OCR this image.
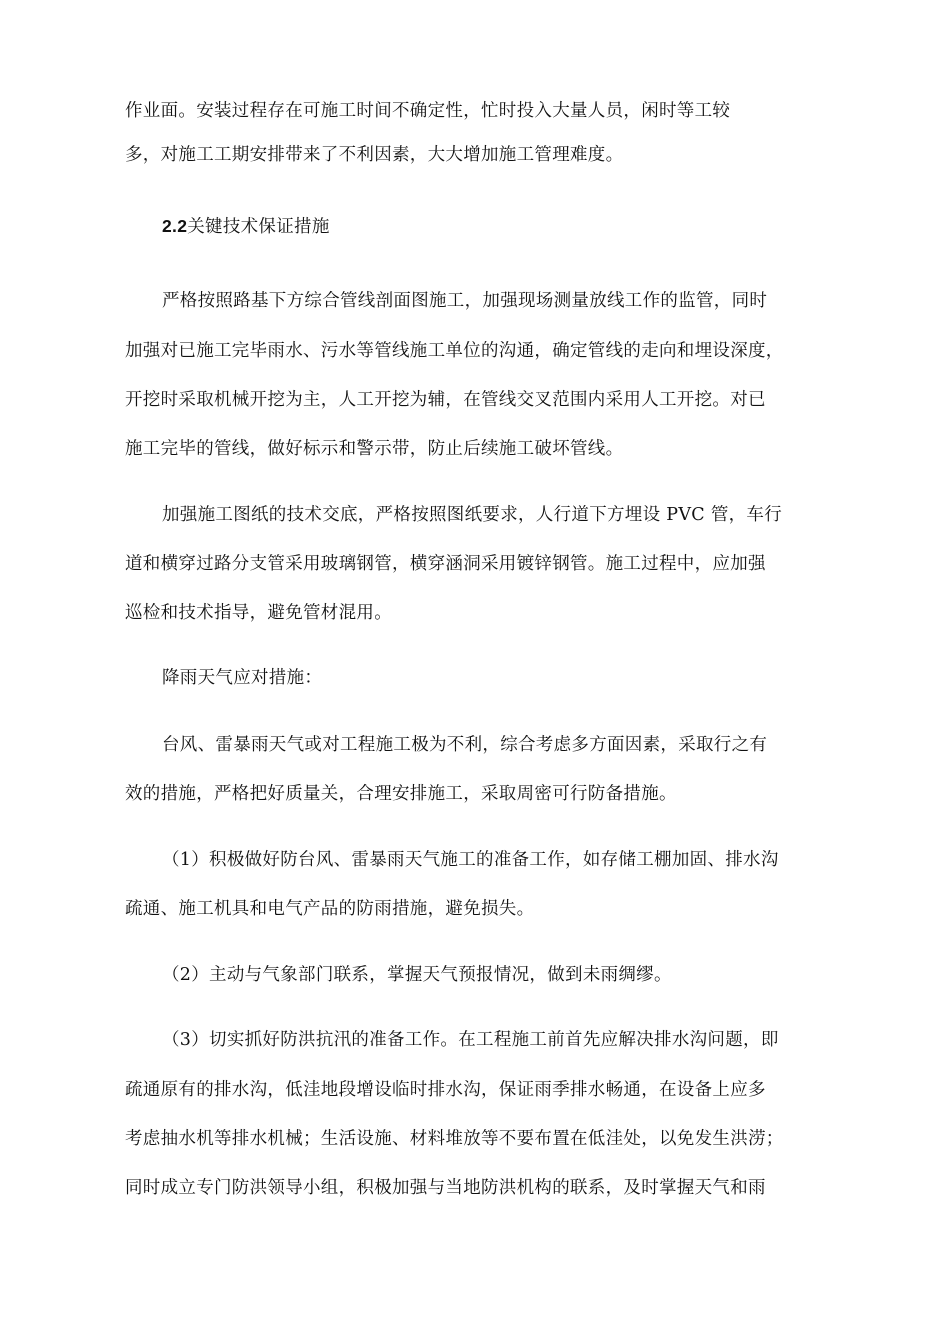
作业面。安装过程存在可施工时间不确定性，忙时投入大量人员，闲时等工较
多，对施工工期安排带来了不利因素，大大增加施工管理难度。
2.2关键技术保证措施
严格按照路基下方综合管线剖面图施工，加强现场测量放线工作的监管，同时
加强对已施工完毕雨水、污水等管线施工单位的沟通，确定管线的走向和埋设深度，
开挖时采取机械开挖为主，人工开挖为辅，在管线交叉范围内采用人工开挖。对已
施工完毕的管线，做好标示和警示带，防止后续施工破坏管线。
加强施工图纸的技术交底，严格按照图纸要求，人行道下方埋设 PVC 管，车行
道和横穿过路分支管采用玻璃钢管，横穿涵洞采用镀锌钢管。施工过程中，应加强
巡检和技术指导，避免管材混用。
降雨天气应对措施：
台风、雷暴雨天气或对工程施工极为不利，综合考虑多方面因素，采取行之有
效的措施，严格把好质量关，合理安排施工，采取周密可行防备措施。
（1）积极做好防台风、雷暴雨天气施工的准备工作，如存储工棚加固、排水沟
疏通、施工机具和电气产品的防雨措施，避免损失。
（2）主动与气象部门联系，掌握天气预报情况，做到未雨绸缪。
（3）切实抓好防洪抗汛的准备工作。在工程施工前首先应解决排水沟问题，即
疏通原有的排水沟，低洼地段增设临时排水沟，保证雨季排水畅通，在设备上应多
考虑抽水机等排水机械；生活设施、材料堆放等不要布置在低洼处，以免发生洪涝；
同时成立专门防洪领导小组，积极加强与当地防洪机构的联系，及时掌握天气和雨
